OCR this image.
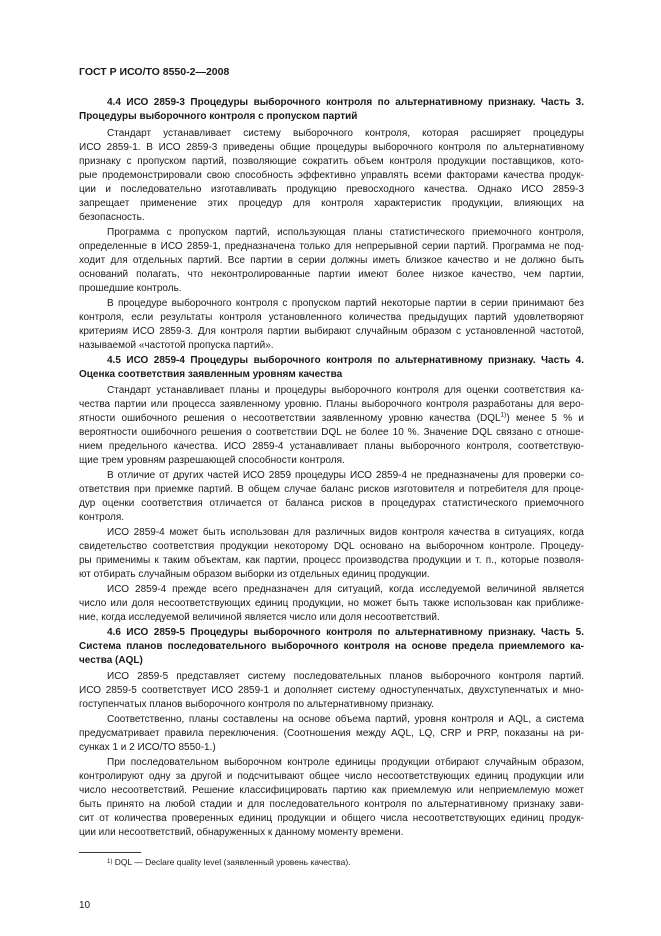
ГОСТ Р ИСО/ТО 8550-2—2008
4.4 ИСО 2859-3 Процедуры выборочного контроля по альтернативному признаку. Часть 3.
Процедуры выборочного контроля с пропуском партий
Стандарт устанавливает систему выборочного контроля, которая расширяет процедуры
ИСО 2859-1. В ИСО 2859-3 приведены общие процедуры выборочного контроля по альтернативному
признаку с пропуском партий, позволяющие сократить объем контроля продукции поставщиков, кото-
рые продемонстрировали свою способность эффективно управлять всеми факторами качества продук-
ции и последовательно изготавливать продукцию превосходного качества. Однако ИСО 2859-3
запрещает применение этих процедур для контроля характеристик продукции, влияющих на
безопасность.
Программа с пропуском партий, использующая планы статистического приемочного контроля,
определенные в ИСО 2859-1, предназначена только для непрерывной серии партий. Программа не под-
ходит для отдельных партий. Все партии в серии должны иметь близкое качество и не должно быть
оснований полагать, что неконтролированные партии имеют более низкое качество, чем партии,
прошедшие контроль.
В процедуре выборочного контроля с пропуском партий некоторые партии в серии принимают без
контроля, если результаты контроля установленного количества предыдущих партий удовлетворяют
критериям ИСО 2859-3. Для контроля партии выбирают случайным образом с установленной частотой,
называемой «частотой пропуска партий».
4.5 ИСО 2859-4 Процедуры выборочного контроля по альтернативному признаку. Часть 4.
Оценка соответствия заявленным уровням качества
Стандарт устанавливает планы и процедуры выборочного контроля для оценки соответствия ка-
чества партии или процесса заявленному уровню. Планы выборочного контроля разработаны для веро-
ятности ошибочного решения о несоответствии заявленному уровню качества (DQL$^{1)}$) менее 5 % и
вероятности ошибочного решения о соответствии DQL не более 10 %. Значение DQL связано с отноше-
нием предельного качества. ИСО 2859-4 устанавливает планы выборочного контроля, соответствую-
щие трем уровням разрешающей способности контроля.
В отличие от других частей ИСО 2859 процедуры ИСО 2859-4 не предназначены для проверки со-
ответствия при приемке партий. В общем случае баланс рисков изготовителя и потребителя для проце-
дур оценки соответствия отличается от баланса рисков в процедурах статистического приемочного
контроля.
ИСО 2859-4 может быть использован для различных видов контроля качества в ситуациях, когда
свидетельство соответствия продукции некоторому DQL основано на выборочном контроле. Процеду-
ры применимы к таким объектам, как партии, процесс производства продукции и т. п., которые позволя-
ют отбирать случайным образом выборки из отдельных единиц продукции.
ИСО 2859-4 прежде всего предназначен для ситуаций, когда исследуемой величиной является
число или доля несоответствующих единиц продукции, но может быть также использован как приближе-
ние, когда исследуемой величиной является число или доля несоответствий.
4.6 ИСО 2859-5 Процедуры выборочного контроля по альтернативному признаку. Часть 5.
Система планов последовательного выборочного контроля на основе предела приемлемого ка-
чества (AQL)
ИСО 2859-5 представляет систему последовательных планов выборочного контроля партий.
ИСО 2859-5 соответствует ИСО 2859-1 и дополняет систему одноступенчатых, двухступенчатых и мно-
гоступенчатых планов выборочного контроля по альтернативному признаку.
Соответственно, планы составлены на основе объема партий, уровня контроля и AQL, а система
предусматривает правила переключения. (Соотношения между AQL, LQ, CRP и PRP, показаны на ри-
сунках 1 и 2 ИСО/ТО 8550-1.)
При последовательном выборочном контроле единицы продукции отбирают случайным образом,
контролируют одну за другой и подсчитывают общее число несоответствующих единиц продукции или
число несоответствий. Решение классифицировать партию как приемлемую или неприемлемую может
быть принято на любой стадии и для последовательного контроля по альтернативному признаку зави-
сит от количества проверенных единиц продукции и общего числа несоответствующих единиц продук-
ции или несоответствий, обнаруженных к данному моменту времени.
$^{1)}$ DQL — Declare quality level (заявленный уровень качества).
10
